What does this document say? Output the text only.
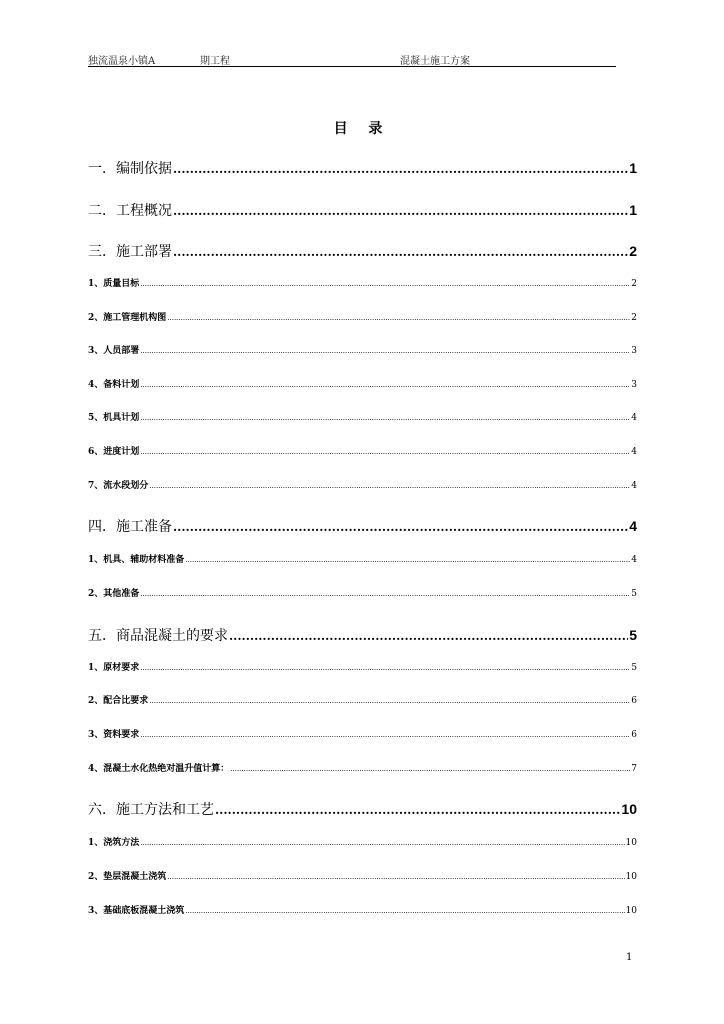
独流温泉小镇A	期工程	混凝土施工方案
目 录
一．编制依据 .....	1
二．工程概况 .....	1
三．施工部署 .....	2
1、质量目标 .....	2
2、施工管理机构图 .....	2
3、人员部署 .....	3
4、备料计划 .....	3
5、机具计划 .....	4
6、进度计划 .....	4
7、流水段划分 .....	4
四．施工准备 .....	4
1、机具、辅助材料准备 .....	4
2、其他准备 .....	5
五．商品混凝土的要求 .....	5
1、原材要求 .....	5
2、配合比要求 .....	6
3、资料要求 .....	6
4、混凝土水化热绝对温升值计算： .....	7
六．施工方法和工艺 .....	10
1、浇筑方法 .....	10
2、垫层混凝土浇筑 .....	10
3、基础底板混凝土浇筑 .....	10
1
